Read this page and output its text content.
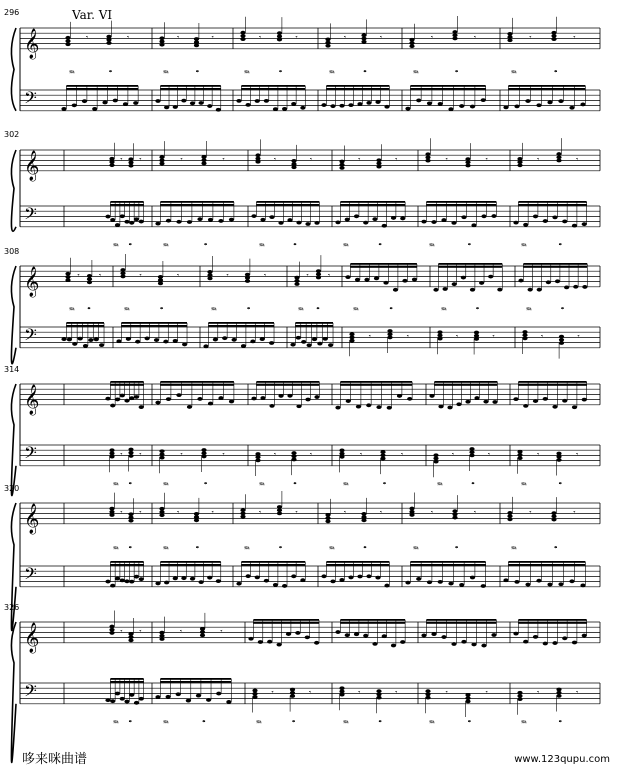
𝄞
𝄢
𝄾	𝄾
𝆮	𝆯
𝄾	𝄾
𝆮	𝆯
𝄾	𝄾
𝆮	𝆯
𝄾	𝄾
𝆮	𝆯
𝄾	𝄾
𝆮	𝆯
𝄾	𝄾
𝆮	𝆯
𝄞
𝄢
𝄾 𝄾
𝆮 𝆯
𝄾	𝄾
𝆮	𝆯
𝄾	𝄾
𝆮	𝆯
𝄾	𝄾
𝆮	𝆯
𝄾	𝄾
𝆮	𝆯
𝄾	𝄾
𝆮	𝆯
𝄞
𝄢
𝄾 𝄾
𝆮 𝆯
𝄾	𝄾
𝆮	𝆯
𝄾	𝄾
𝆮	𝆯
𝄾 𝄾
𝆮 𝆯
𝄾	𝄾
𝆮	𝆯
𝄾	𝄾
𝆮	𝆯
𝄾	𝄾
𝆮	𝆯
𝄞
𝄢	𝄾 𝄾
𝆮 𝆯
𝄾	𝄾
𝆮	𝆯
𝄾	𝄾
𝆮	𝆯
𝄾	𝄾
𝆮	𝆯
𝄾	𝄾
𝆮	𝆯
𝄾	𝄾
𝆮	𝆯
𝄞
𝄢
𝄾 𝄾
𝆮 𝆯
𝄾	𝄾
𝆮	𝆯
𝄾	𝄾
𝆮	𝆯
𝄾	𝄾
𝆮	𝆯
𝄾	𝄾
𝆮	𝆯
𝄾	𝄾
𝆮	𝆯
𝄞
𝄢
𝄾 𝄾
𝆮 𝆯
𝄾	𝄾
𝆮	𝆯
𝄾	𝄾
𝆮	𝆯
𝄾	𝄾
𝆮	𝆯
𝄾	𝄾
𝆮	𝆯
𝄾	𝄾
𝆮	𝆯
哆来咪曲谱	www.123qupu.com
296
302
308
314
320
326
Var. VI
